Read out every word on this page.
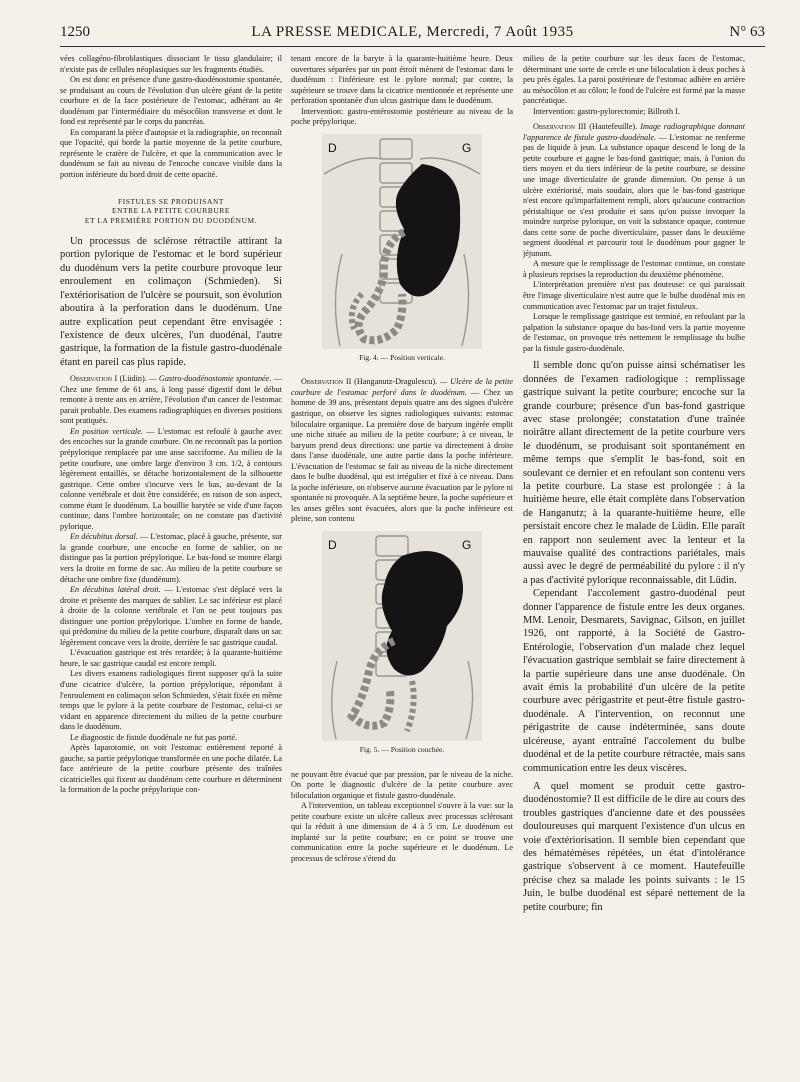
1250	LA PRESSE MEDICALE, Mercredi, 7 Août 1935	N° 63

vées collagéno-fibroblastiques dissociant le tissu glandulaire; il n'existe pas de cellules néoplasiques sur les fragments étudiés.

On est donc en présence d'une gastro-duodénostomie spontanée, se produisant au cours de l'évolution d'un ulcère géant de la petite courbure et de la face postérieure de l'estomac, adhérant au 4e duodénum par l'intermédiaire du mésocôlon transverse et dont le fond est représenté par le corps du pancréas.

En comparant la pièce d'autopsie et la radiographie, on reconnaît que l'opacité, qui borde la partie moyenne de la petite courbure, représente le cratère de l'ulcère, et que la communication avec le duodénum se fait au niveau de l'encoche concave visible dans la portion inférieure du bord droit de cette opacité.

FISTULES SE PRODUISANT
ENTRE LA PETITE COURBURE
ET LA PREMIÈRE PORTION DU DUODÉNUM.

Un processus de sclérose rétractile attirant la portion pylorique de l'estomac et le bord supérieur du duodénum vers la petite courbure provoque leur enroulement en colimaçon (Schmieden). Si l'extériorisation de l'ulcère se poursuit, son évolution aboutira à la perforation dans le duodénum. Une autre explication peut cependant être envisagée : l'existence de deux ulcères, l'un duodénal, l'autre gastrique, la formation de la fistule gastro-duodénale étant en pareil cas plus rapide.

Observation I (Lüdin). — Gastro-duodénostomie spontanée. — Chez une femme de 61 ans, à long passé digestif dont le début remonte à trente ans en arrière, l'évolution d'un cancer de l'estomac parait probable. Des examens radiographiques en diverses positions sont pratiqués.

En position verticale. — L'estomac est refoulé à gauche avec des encoches sur la grande courbure. On ne reconnaît pas la portion prépylorique remplacée par une anse sacciforme. Au milieu de la petite courbure, une ombre large d'environ 3 cm. 1/2, à contours légèrement entaillés, se détache horizontalement de la silhouette gastrique. Cette ombre s'incurve vers le bas, au-devant de la colonne vertébrale et doit être considérée, en raison de son aspect, comme étant le duodénum. La bouillie barytée se vide d'une façon continue, dans l'ombre horizontale; on ne constate pas d'activité pylorique.

En décubitus dorsal. — L'estomac, placé à gauche, présente, sur la grande courbure, une encoche en forme de sablier, on ne distingue pas la portion prépylorique. Le bas-fond se montre élargi vers la droite en forme de sac. Au milieu de la petite courbure se détache une ombre fixe (duodénum).

En décubitus latéral droit. — L'estomac s'est déplacé vers la droite et présente des marques de sablier. Le sac inférieur est placé à droite de la colonne vertébrale et l'on ne peut toujours pas distinguer une portion prépylorique. L'ombre en forme de bande, qui prédomine du milieu de la petite courbure, disparaît dans un sac légèrement concave vers la droite, derrière le sac gastrique caudal.

L'évacuation gastrique est très retardée; à la quarante-huitième heure, le sac gastrique caudal est encore rempli.

Les divers examens radiologiques firent supposer qu'à la suite d'une cicatrice d'ulcère, la portion prépylorique, répondant à l'enroulement en colimaçon selon Schmieden, s'était fixée en même temps que le pylore à la petite courbure de l'estomac, celui-ci se vidant en apparence directement du milieu de la petite courbure dans le duodénum.

Le diagnostic de fistule duodénale ne fut pas porté.

Après laparotomie, on voit l'estomac entièrement reporté à gauche, sa partie prépylorique transformée en une poche dilatée. La face antérieure de la petite courbure présente des traînées cicatricielles qui fixent au duodénum cette courbure et déterminent la formation de la poche prépylorique con-

tenant encore de la baryte à la quarante-huitième heure. Deux ouvertures séparées par un pont étroit mènent de l'estomac dans le duodénum : l'inférieure est le pylore normal; par contre, la supérieure se trouve dans la cicatrice mentionnée et représente une perforation spontanée d'un ulcus gastrique dans le duodénum.

Intervention: gastro-entérostomie postérieure au niveau de la poche prépylorique.

D	G
Fig. 4. — Position verticale.

Observation II (Hanganutz-Dragulescu). — Ulcère de la petite courbure de l'estomac perforé dans le duodénum. — Chez un homme de 39 ans, présentant depuis quatre ans des signes d'ulcère gastrique, on observe les signes radiologiques suivants: estomac biloculaire organique. La première dose de baryum ingérée emplit une niche située au milieu de la petite courbure; à ce niveau, le baryum prend deux directions: une partie va directement à droite dans l'anse duodénale, une autre partie dans la poche inférieure. L'évacuation de l'estomac se fait au niveau de la niche directement dans le bulbe duodénal, qui est irrégulier et fixé à ce niveau. Dans la poche inférieure, on n'observe aucune évacuation par le pylore ni spontanée ni provoquée. A la septième heure, la poche supérieure et les anses grêles sont évacuées, alors que la poche inférieure est pleine, son contenu

D	G
Fig. 5. — Position couchée.

ne pouvant être évacué que par pression, par le niveau de la niche. On porte le diagnostic d'ulcère de la petite courbure avec biloculation organique et fistule gastro-duodénale.

A l'intervention, un tableau exceptionnel s'ouvre à la vue: sur la petite courbure existe un ulcère calleux avec processus sclérosant qui la réduit à une dimension de 4 à 5 cm. Le duodénum est implanté sur la petite courbure; en ce point se trouve une communication entre la poche supérieure et le duodénum. Le processus de sclérose s'étend du

milieu de la petite courbure sur les deux faces de l'estomac, déterminant une sorte de cercle et une biloculation à deux poches à peu près égales. La paroi postérieure de l'estomac adhère en arrière au mésocôlon et au côlon; le fond de l'ulcère est formé par la masse pancréatique.

Intervention: gastro-pylorectomie; Billroth I.

Observation III (Hautefeuille). Image radiographique donnant l'apparence de fistule gastro-duodénale. — L'estomac ne renferme pas de liquide à jeun. La substance opaque descend le long de la petite courbure et gagne le bas-fond gastrique; mais, à l'union du tiers moyen et du tiers inférieur de la petite courbure, se dessine une image diverticulaire de grande dimension. On pense à un ulcère extériorisé, mais soudain, alors que le bas-fond gastrique n'est encore qu'imparfaitement rempli, alors qu'aucune contraction péristaltique ne s'est produite et sans qu'on puisse invoquer la moindre surprise pylorique, on voit la substance opaque, contenue dans cette sorte de poche diverticulaire, passer dans le deuxième segment duodénal et parcourir tout le duodénum pour gagner le jéjunum.

A mesure que le remplissage de l'estomac continue, on constate à plusieurs reprises la reproduction du deuxième phénomène.

L'interprétation première n'est pas douteuse: ce qui paraissait être l'image diverticulaire n'est autre que le bulbe duodénal mis en communication avec l'estomac par un trajet fistuleux.

Lorsque le remplissage gastrique est terminé, en refoulant par la palpation la substance opaque du bas-fond vers la partie moyenne de l'estomac, on provoque très nettement le remplissage du bulbe par la fistule gastro-duodénale.

Il semble donc qu'on puisse ainsi schématiser les données de l'examen radiologique : remplissage gastrique suivant la petite courbure; encoche sur la grande courbure; présence d'un bas-fond gastrique avec stase prolongée; constatation d'une traînée noirâtre allant directement de la petite courbure vers le duodénum, se produisant soit spontanément en même temps que s'emplit le bas-fond, soit en soulevant ce dernier et en refoulant son contenu vers la petite courbure. La stase est prolongée : à la huitième heure, elle était complète dans l'observation de Hanganutz; à la quarante-huitième heure, elle persistait encore chez le malade de Lüdin. Elle paraît en rapport non seulement avec la lenteur et la mauvaise qualité des contractions pariétales, mais aussi avec le degré de perméabilité du pylore : il n'y a pas d'activité pylorique reconnaissable, dit Lüdin.

Cependant l'accolement gastro-duodénal peut donner l'apparence de fistule entre les deux organes. MM. Lenoir, Desmarets, Savignac, Gilson, en juillet 1926, ont rapporté, à la Société de Gastro-Entérologie, l'observation d'un malade chez lequel l'évacuation gastrique semblait se faire directement à la partie supérieure dans une anse duodénale. On avait émis la probabilité d'un ulcère de la petite courbure avec périgastrite et peut-être fistule gastro-duodénale. A l'intervention, on reconnut une périgastrite de cause indéterminée, sans doute ulcéreuse, ayant entraîné l'accolement du bulbe duodénal et de la petite courbure rétractée, mais sans communication entre les deux viscères.

A quel moment se produit cette gastro-duodénostomie? Il est difficile de le dire au cours des troubles gastriques d'ancienne date et des poussées douloureuses qui marquent l'existence d'un ulcus en voie d'extériorisation. Il semble bien cependant que des hématémèses répétées, un état d'intolérance gastrique s'observent à ce moment. Hautefeuille précise chez sa malade les points suivants : le 15 Juin, le bulbe duodénal est séparé nettement de la petite courbure; fin
